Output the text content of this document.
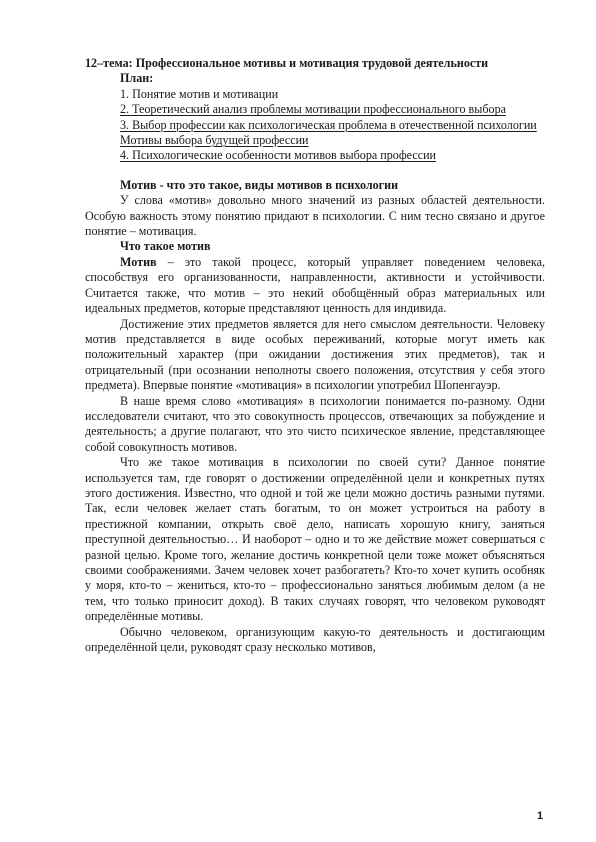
12–тема: Профессиональное мотивы и мотивация трудовой деятельности

План:

1. Понятие мотив и мотивации

2. Теоретический анализ проблемы мотивации профессионального выбора

3. Выбор профессии как психологическая проблема в отечественной психологии Мотивы выбора будущей профессии

4. Психологические особенности мотивов выбора профессии

Мотив - что это такое, виды мотивов в психологии

У слова «мотив» довольно много значений из разных областей деятельности. Особую важность этому понятию придают в психологии. С ним тесно связано и другое понятие – мотивация.

Что такое мотив

Мотив – это такой процесс, который управляет поведением человека, способствуя его организованности, направленности, активности и устойчивости. Считается также, что мотив – это некий обобщённый образ материальных или идеальных предметов, которые представляют ценность для индивида.

Достижение этих предметов является для него смыслом деятельности. Человеку мотив представляется в виде особых переживаний, которые могут иметь как положительный характер (при ожидании достижения этих предметов), так и отрицательный (при осознании неполноты своего положения, отсутствия у себя этого предмета). Впервые понятие «мотивация» в психологии употребил Шопенгауэр.

В наше время слово «мотивация» в психологии понимается по-разному. Одни исследователи считают, что это совокупность процессов, отвечающих за побуждение и деятельность; а другие полагают, что это чисто психическое явление, представляющее собой совокупность мотивов.

Что же такое мотивация в психологии по своей сути? Данное понятие используется там, где говорят о достижении определённой цели и конкретных путях этого достижения. Известно, что одной и той же цели можно достичь разными путями. Так, если человек желает стать богатым, то он может устроиться на работу в престижной компании, открыть своё дело, написать хорошую книгу, заняться преступной деятельностью… И наоборот – одно и то же действие может совершаться с разной целью. Кроме того, желание достичь конкретной цели тоже может объясняться своими соображениями. Зачем человек хочет разбогатеть? Кто-то хочет купить особняк у моря, кто-то – жениться, кто-то – профессионально заняться любимым делом (а не тем, что только приносит доход). В таких случаях говорят, что человеком руководят определённые мотивы.

Обычно человеком, организующим какую-то деятельность и достигающим определённой цели, руководят сразу несколько мотивов,

1
